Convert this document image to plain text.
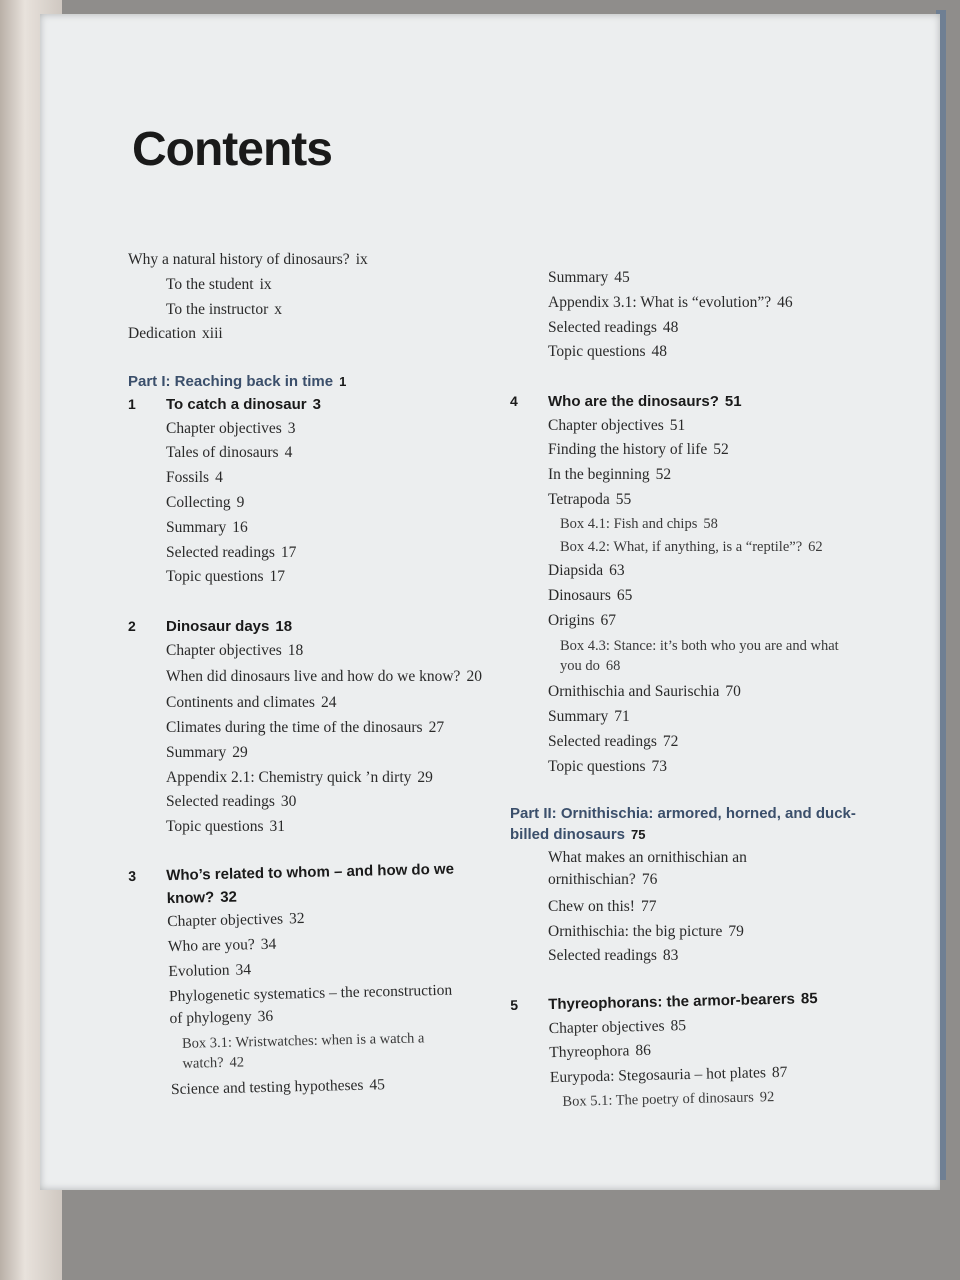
Contents
Why a natural history of dinosaurs? ix
To the student ix
To the instructor x
Dedication xiii
Part I: Reaching back in time 1
1 To catch a dinosaur 3
Chapter objectives 3
Tales of dinosaurs 4
Fossils 4
Collecting 9
Summary 16
Selected readings 17
Topic questions 17
2 Dinosaur days 18
Chapter objectives 18
When did dinosaurs live and how do we know? 20
Continents and climates 24
Climates during the time of the dinosaurs 27
Summary 29
Appendix 2.1: Chemistry quick ’n dirty 29
Selected readings 30
Topic questions 31
3 Who’s related to whom – and how do we know? 32
Chapter objectives 32
Who are you? 34
Evolution 34
Phylogenetic systematics – the reconstruction of phylogeny 36
Box 3.1: Wristwatches: when is a watch a watch? 42
Science and testing hypotheses 45
Summary 45
Appendix 3.1: What is “evolution”? 46
Selected readings 48
Topic questions 48
4 Who are the dinosaurs? 51
Chapter objectives 51
Finding the history of life 52
In the beginning 52
Tetrapoda 55
Box 4.1: Fish and chips 58
Box 4.2: What, if anything, is a “reptile”? 62
Diapsida 63
Dinosaurs 65
Origins 67
Box 4.3: Stance: it’s both who you are and what you do 68
Ornithischia and Saurischia 70
Summary 71
Selected readings 72
Topic questions 73
Part II: Ornithischia: armored, horned, and duck-billed dinosaurs 75
What makes an ornithischian an ornithischian? 76
Chew on this! 77
Ornithischia: the big picture 79
Selected readings 83
5 Thyreophorans: the armor-bearers 85
Chapter objectives 85
Thyreophora 86
Eurypoda: Stegosauria – hot plates 87
Box 5.1: The poetry of dinosaurs 92
